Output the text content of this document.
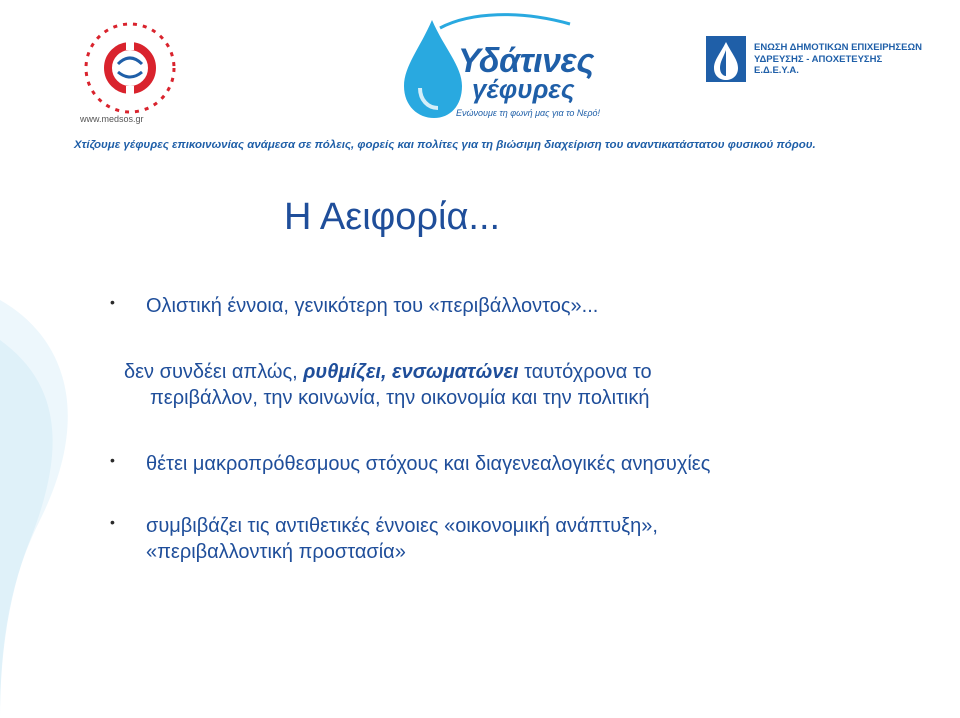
www.medsos.gr
Υδάτινες
γέφυρες
Ενώνουμε τη φωνή μας για το Νερό!
ΕΝΩΣΗ ΔΗΜΟΤΙΚΩΝ ΕΠΙΧΕΙΡΗΣΕΩΝ
ΥΔΡΕΥΣΗΣ - ΑΠΟΧΕΤΕΥΣΗΣ
Ε.Δ.Ε.Υ.Α.
Χτίζουμε γέφυρες επικοινωνίας ανάμεσα σε πόλεις, φορείς και πολίτες για τη βιώσιμη διαχείριση του αναντικατάστατου φυσικού πόρου.
Η Αειφορία...
• Ολιστική έννοια, γενικότερη του «περιβάλλοντος»...
δεν συνδέει απλώς, ρυθμίζει, ενσωματώνει ταυτόχρονα το
περιβάλλον, την κοινωνία, την οικονομία και την πολιτική
• θέτει μακροπρόθεσμους στόχους και διαγενεαλογικές ανησυχίες
• συμβιβάζει τις αντιθετικές έννοιες «οικονομική ανάπτυξη»,
«περιβαλλοντική προστασία»
